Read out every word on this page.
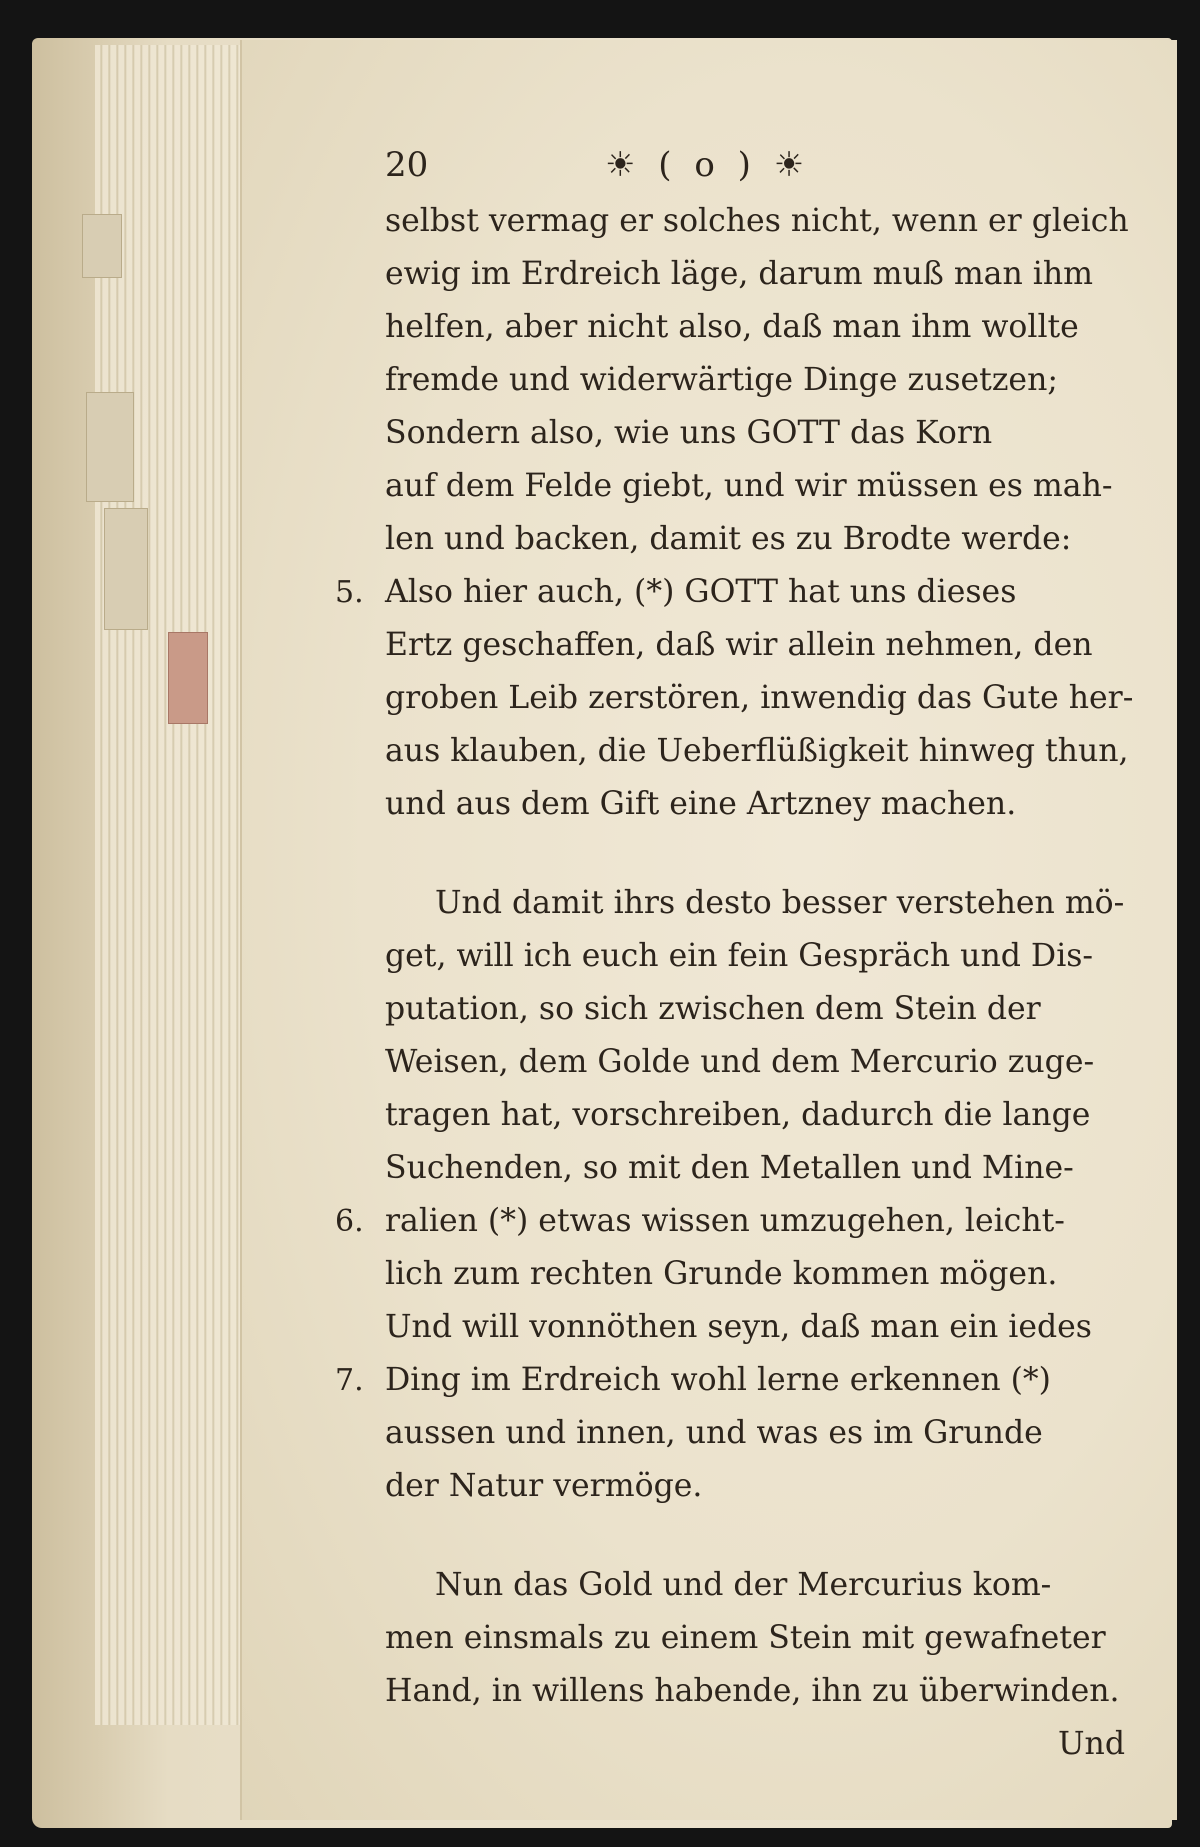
20	☀ ( o ) ☀
selbst vermag er solches nicht, wenn er gleich
ewig im Erdreich läge, darum muß man ihm
helfen, aber nicht also, daß man ihm wollte
fremde und widerwärtige Dinge zusetzen;
Sondern also, wie uns GOTT das Korn
auf dem Felde giebt, und wir müssen es mah-
len und backen, damit es zu Brodte werde:
5. Also hier auch, (*) GOTT hat uns dieses
Ertz geschaffen, daß wir allein nehmen, den
groben Leib zerstören, inwendig das Gute her-
aus klauben, die Ueberflüßigkeit hinweg thun,
und aus dem Gift eine Artzney machen.
Und damit ihrs desto besser verstehen mö-
get, will ich euch ein fein Gespräch und Dis-
putation, so sich zwischen dem Stein der
Weisen, dem Golde und dem Mercurio zuge-
tragen hat, vorschreiben, dadurch die lange
Suchenden, so mit den Metallen und Mine-
6. ralien (*) etwas wissen umzugehen, leicht-
lich zum rechten Grunde kommen mögen.
Und will vonnöthen seyn, daß man ein iedes
7. Ding im Erdreich wohl lerne erkennen (*)
aussen und innen, und was es im Grunde
der Natur vermöge.
Nun das Gold und der Mercurius kom-
men einsmals zu einem Stein mit gewafneter
Hand, in willens habende, ihn zu überwinden.
Und
